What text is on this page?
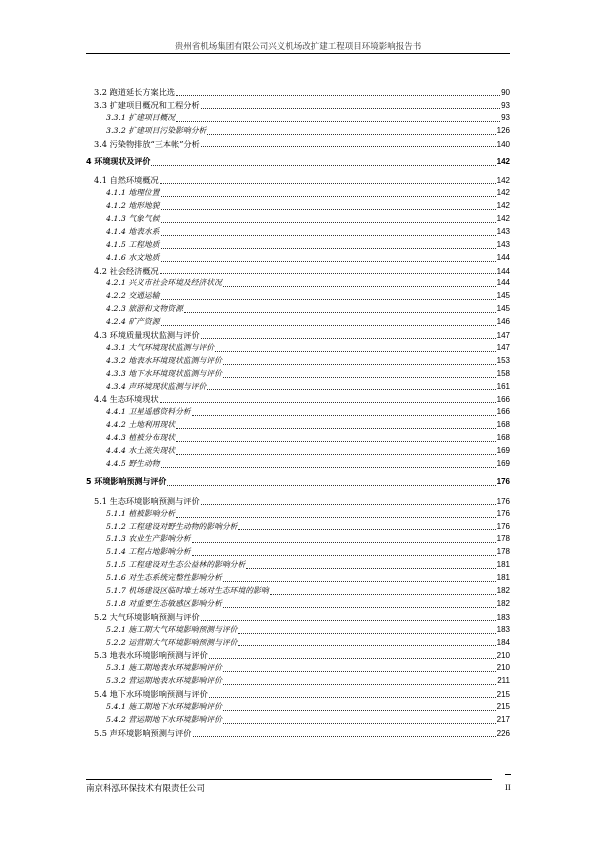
贵州省机场集团有限公司兴义机场改扩建工程项目环境影响报告书
3.2 跑道延长方案比选	90
3.3 扩建项目概况和工程分析	93
3.3.1 扩建项目概况	93
3.3.2 扩建项目污染影响分析	126
3.4 污染物排放“三本帐”分析	140
4 环境现状及评价	142
4.1 自然环境概况	142
4.1.1 地理位置	142
4.1.2 地形地貌	142
4.1.3 气象气候	142
4.1.4 地表水系	143
4.1.5 工程地质	143
4.1.6 水文地质	144
4.2 社会经济概况	144
4.2.1 兴义市社会环境及经济状况	144
4.2.2 交通运输	145
4.2.3 旅游和文物资源	145
4.2.4 矿产资源	146
4.3 环境质量现状监测与评价	147
4.3.1 大气环境现状监测与评价	147
4.3.2 地表水环境现状监测与评价	153
4.3.3 地下水环境现状监测与评价	158
4.3.4 声环境现状监测与评价	161
4.4 生态环境现状	166
4.4.1 卫星遥感资料分析	166
4.4.2 土地利用现状	168
4.4.3 植被分布现状	168
4.4.4 水土流失现状	169
4.4.5 野生动物	169
5 环境影响预测与评价	176
5.1 生态环境影响预测与评价	176
5.1.1 植被影响分析	176
5.1.2 工程建设对野生动物的影响分析	176
5.1.3 农业生产影响分析	178
5.1.4 工程占地影响分析	178
5.1.5 工程建设对生态公益林的影响分析	181
5.1.6 对生态系统完整性影响分析	181
5.1.7 机场建设区临时堆土场对生态环境的影响	182
5.1.8 对重要生态敏感区影响分析	182
5.2 大气环境影响预测与评价	183
5.2.1 施工期大气环境影响预测与评价	183
5.2.2 运营期大气环境影响预测与评价	184
5.3 地表水环境影响预测与评价	210
5.3.1 施工期地表水环境影响评价	210
5.3.2 营运期地表水环境影响评价	211
5.4 地下水环境影响预测与评价	215
5.4.1 施工期地下水环境影响评价	215
5.4.2 营运期地下水环境影响评价	217
5.5 声环境影响预测与评价	226
南京科泓环保技术有限责任公司	II
